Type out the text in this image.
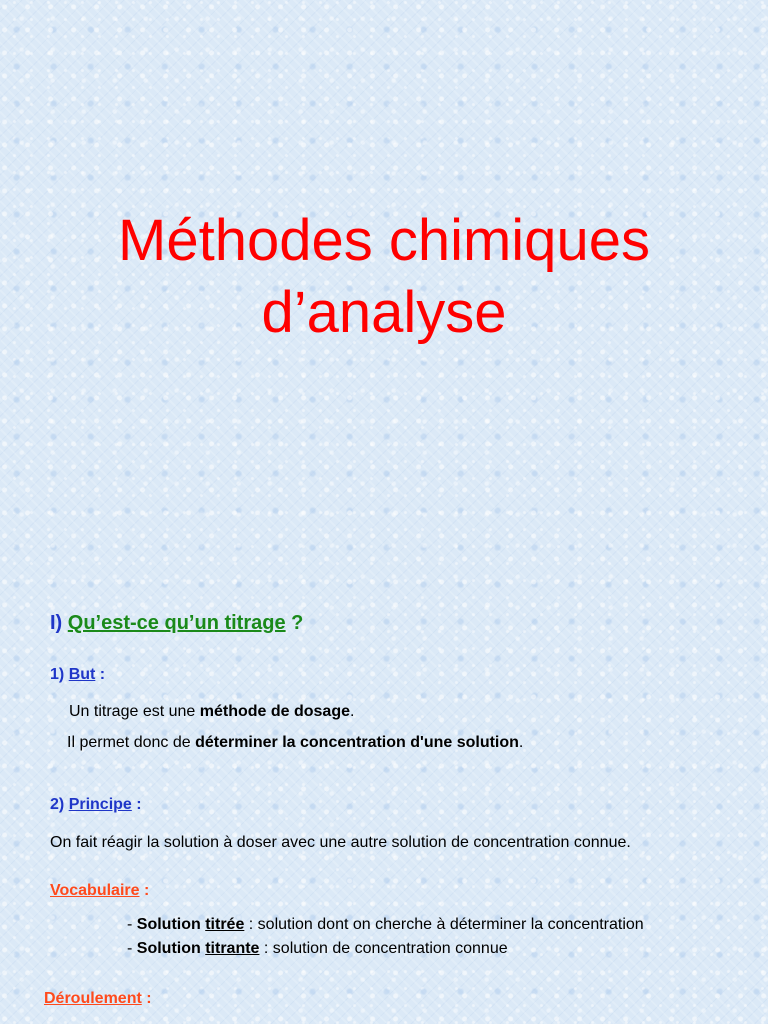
Méthodes chimiques
d’analyse
I) Qu’est-ce qu’un titrage ?
1) But :
Un titrage est une méthode de dosage.
Il permet donc de déterminer la concentration d'une solution.
2) Principe :
On fait réagir la solution à doser avec une autre solution de concentration connue.
Vocabulaire :
- Solution titrée : solution dont on cherche à déterminer la concentration
- Solution titrante : solution de concentration connue
Déroulement :
